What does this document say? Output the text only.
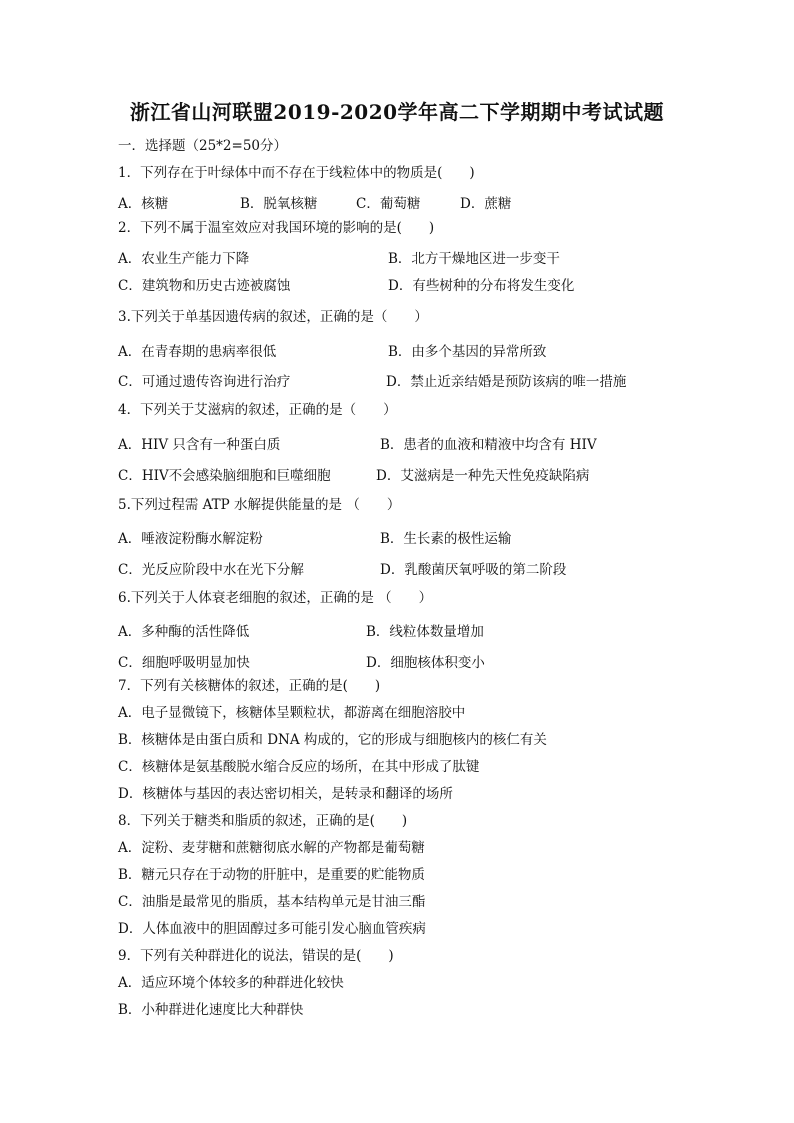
浙江省山河联盟2019-2020学年高二下学期期中考试试题
一．选择题（25*2=50分）
1．下列存在于叶绿体中而不存在于线粒体中的物质是(　　)
A．核糖	B．脱氧核糖	C．葡萄糖	D．蔗糖
2．下列不属于温室效应对我国环境的影响的是(　　)
A．农业生产能力下降	B．北方干燥地区进一步变干
C．建筑物和历史古迹被腐蚀	D．有些树种的分布将发生变化
3.下列关于单基因遗传病的叙述，正确的是（　　）
A．在青春期的患病率很低	B．由多个基因的异常所致
C．可通过遗传咨询进行治疗	D．禁止近亲结婚是预防该病的唯一措施
4．下列关于艾滋病的叙述，正确的是（　　）
A．HIV 只含有一种蛋白质	B．患者的血液和精液中均含有 HIV
C．HIV不会感染脑细胞和巨噬细胞	D．艾滋病是一种先天性免疫缺陷病
5.下列过程需 ATP 水解提供能量的是 （　　）
A．唾液淀粉酶水解淀粉	B．生长素的极性运输
C．光反应阶段中水在光下分解	D．乳酸菌厌氧呼吸的第二阶段
6.下列关于人体衰老细胞的叙述，正确的是 （　　）
A．多种酶的活性降低	B．线粒体数量增加
C．细胞呼吸明显加快	D．细胞核体积变小
7．下列有关核糖体的叙述，正确的是(　　)
A．电子显微镜下，核糖体呈颗粒状，都游离在细胞溶胶中
B．核糖体是由蛋白质和 DNA 构成的，它的形成与细胞核内的核仁有关
C．核糖体是氨基酸脱水缩合反应的场所，在其中形成了肽键
D．核糖体与基因的表达密切相关，是转录和翻译的场所
8．下列关于糖类和脂质的叙述，正确的是(　　)
A．淀粉、麦芽糖和蔗糖彻底水解的产物都是葡萄糖
B．糖元只存在于动物的肝脏中，是重要的贮能物质
C．油脂是最常见的脂质，基本结构单元是甘油三酯
D．人体血液中的胆固醇过多可能引发心脑血管疾病
9．下列有关种群进化的说法，错误的是(　　)
A．适应环境个体较多的种群进化较快
B．小种群进化速度比大种群快
